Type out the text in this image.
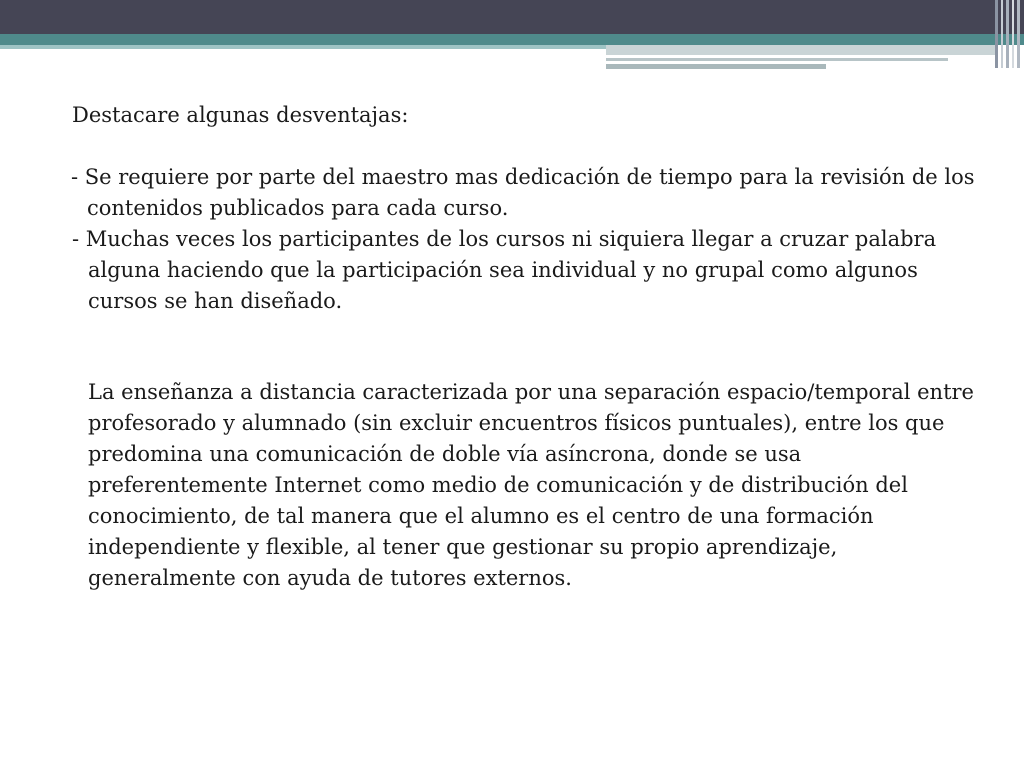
Destacare algunas desventajas:

- Se requiere por parte del maestro mas dedicación de tiempo para la revisión de los contenidos publicados para cada curso.

- Muchas veces los participantes de los cursos ni siquiera llegar a cruzar palabra alguna haciendo que la participación sea individual y no grupal como algunos cursos se han diseñado.

La enseñanza a distancia caracterizada por una separación espacio/temporal entre profesorado y alumnado (sin excluir encuentros físicos puntuales), entre los que predomina una comunicación de doble vía asíncrona, donde se usa preferentemente Internet como medio de comunicación y de distribución del conocimiento, de tal manera que el alumno es el centro de una formación independiente y flexible, al tener que gestionar su propio aprendizaje, generalmente con ayuda de tutores externos.
